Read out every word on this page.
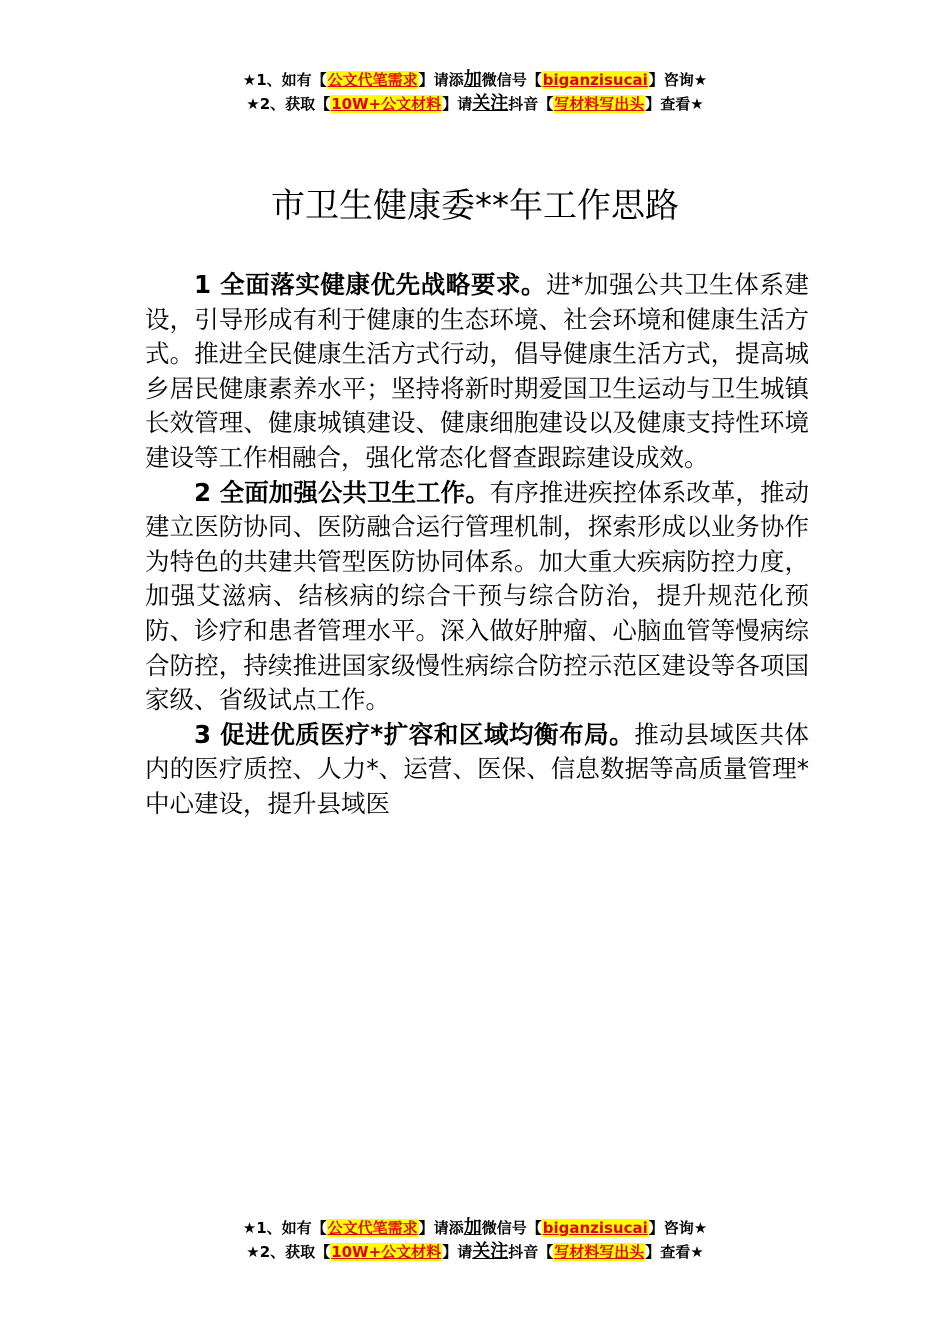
★1、如有【公文代笔需求】请添加微信号【biganzisucai】咨询★
★2、获取【10W+公文材料】请关注抖音【写材料写出头】查看★
市卫生健康委**年工作思路

1 全面落实健康优先战略要求。进*加强公共卫生体系建设，引导形成有利于健康的生态环境、社会环境和健康生活方式。推进全民健康生活方式行动，倡导健康生活方式，提高城乡居民健康素养水平；坚持将新时期爱国卫生运动与卫生城镇长效管理、健康城镇建设、健康细胞建设以及健康支持性环境建设等工作相融合，强化常态化督查跟踪建设成效。

2 全面加强公共卫生工作。有序推进疾控体系改革，推动建立医防协同、医防融合运行管理机制，探索形成以业务协作为特色的共建共管型医防协同体系。加大重大疾病防控力度，加强艾滋病、结核病的综合干预与综合防治，提升规范化预防、诊疗和患者管理水平。深入做好肿瘤、心脑血管等慢病综合防控，持续推进国家级慢性病综合防控示范区建设等各项国家级、省级试点工作。

3 促进优质医疗*扩容和区域均衡布局。推动县域医共体内的医疗质控、人力*、运营、医保、信息数据等高质量管理*中心建设，提升县域医

★1、如有【公文代笔需求】请添加微信号【biganzisucai】咨询★
★2、获取【10W+公文材料】请关注抖音【写材料写出头】查看★
